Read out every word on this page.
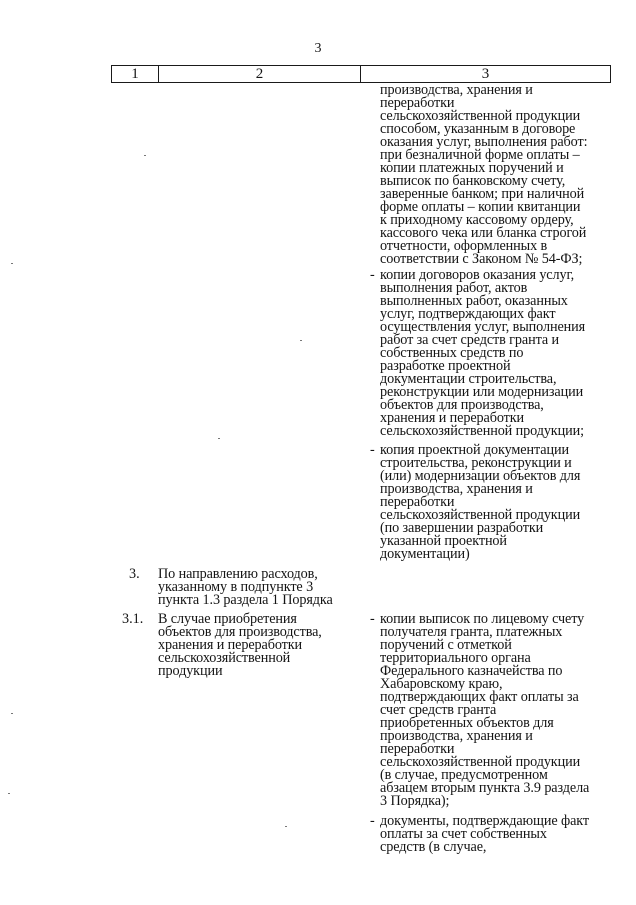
3
1	2	3
производства, хранения и
переработки
сельскохозяйственной продукции
способом, указанным в договоре
оказания услуг, выполнения работ:
при безналичной форме оплаты –
копии платежных поручений и
выписок по банковскому счету,
заверенные банком; при наличной
форме оплаты – копии квитанции
к приходному кассовому ордеру,
кассового чека или бланка строгой
отчетности, оформленных в
соответствии с Законом № 54-ФЗ;
- копии договоров оказания услуг,
выполнения работ, актов
выполненных работ, оказанных
услуг, подтверждающих факт
осуществления услуг, выполнения
работ за счет средств гранта и
собственных средств по
разработке проектной
документации строительства,
реконструкции или модернизации
объектов для производства,
хранения и переработки
сельскохозяйственной продукции;
- копия проектной документации
строительства, реконструкции и
(или) модернизации объектов для
производства, хранения и
переработки
сельскохозяйственной продукции
(по завершении разработки
указанной проектной
документации)
3. По направлению расходов,
указанному в подпункте 3
пункта 1.3 раздела 1 Порядка
3.1. В случае приобретения
объектов для производства,
хранения и переработки
сельскохозяйственной
продукции
- копии выписок по лицевому счету
получателя гранта, платежных
поручений с отметкой
территориального органа
Федерального казначейства по
Хабаровскому краю,
подтверждающих факт оплаты за
счет средств гранта
приобретенных объектов для
производства, хранения и
переработки
сельскохозяйственной продукции
(в случае, предусмотренном
абзацем вторым пункта 3.9 раздела
3 Порядка);
- документы, подтверждающие факт
оплаты за счет собственных
средств (в случае,
